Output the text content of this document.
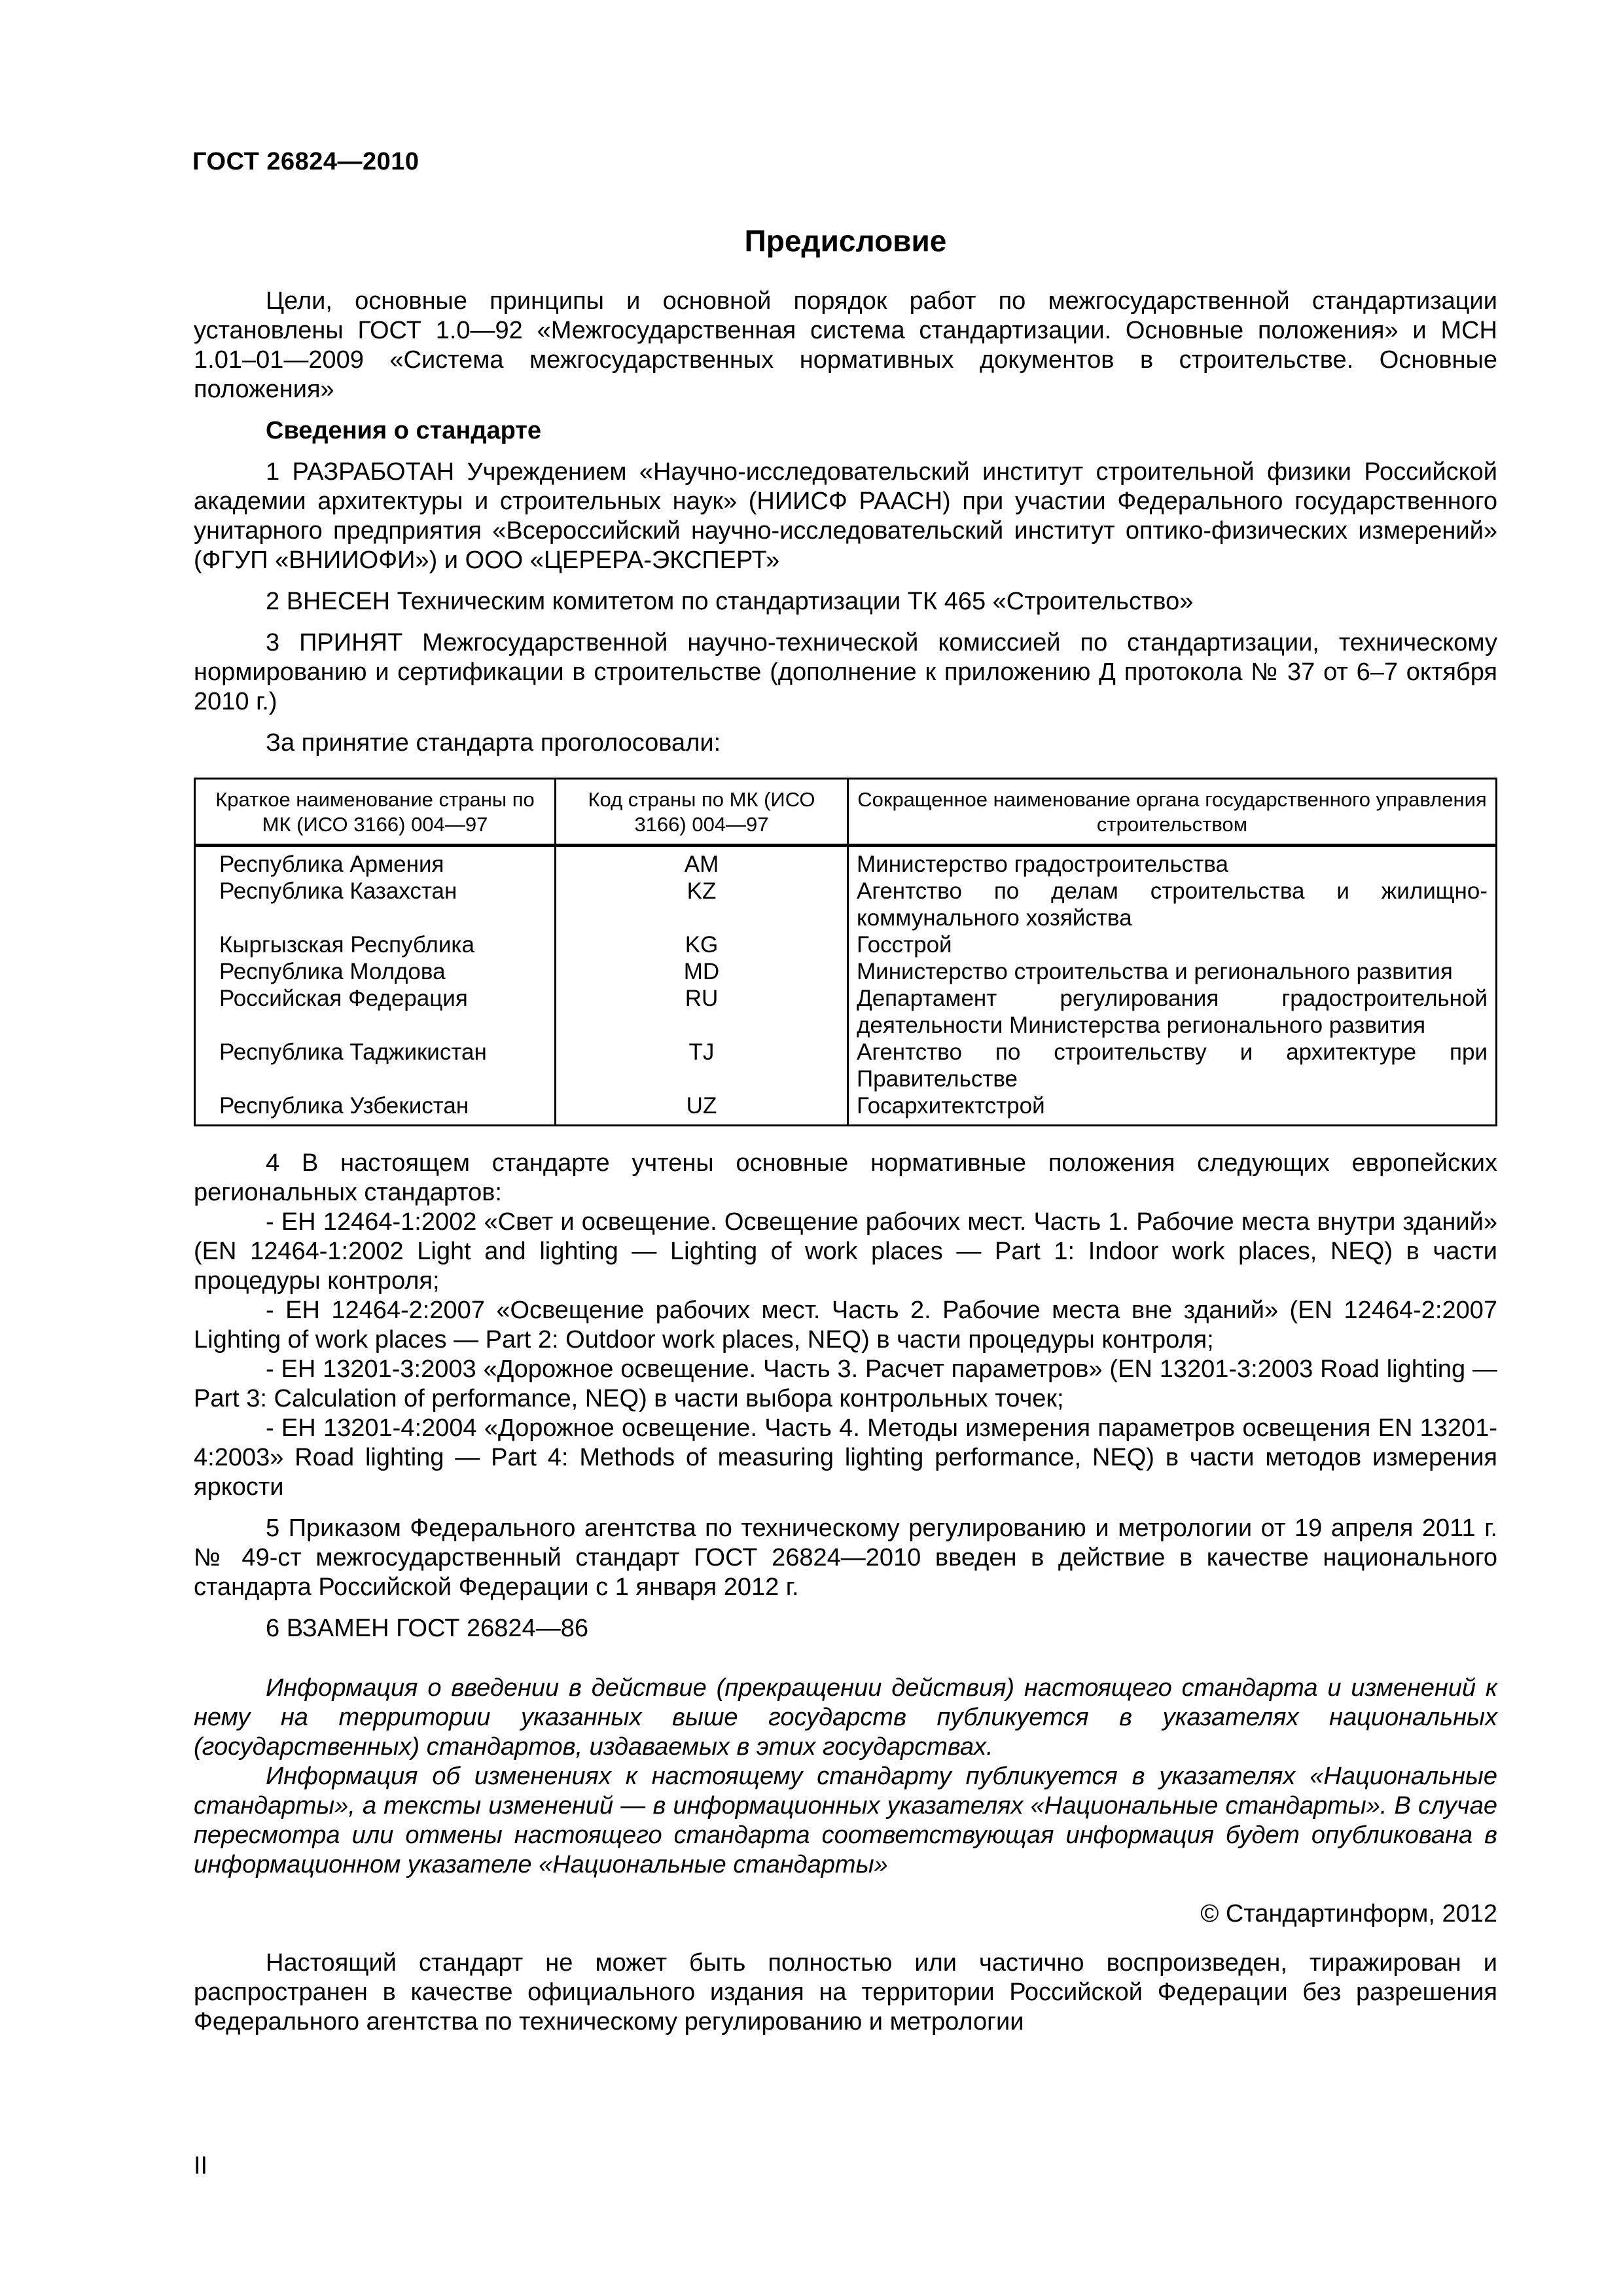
ГОСТ 26824—2010
Предисловие

Цели, основные принципы и основной порядок работ по межгосударственной стандартизации установлены ГОСТ 1.0—92 «Межгосударственная система стандартизации. Основные положения» и МСН 1.01–01—2009 «Система межгосударственных нормативных документов в строительстве. Основные положения»

Сведения о стандарте

1 РАЗРАБОТАН Учреждением «Научно-исследовательский институт строительной физики Российской академии архитектуры и строительных наук» (НИИСФ РААСН) при участии Федерального государственного унитарного предприятия «Всероссийский научно-исследовательский институт оптико-физических измерений» (ФГУП «ВНИИОФИ») и ООО «ЦЕРЕРА-ЭКСПЕРТ»

2 ВНЕСЕН Техническим комитетом по стандартизации ТК 465 «Строительство»

3 ПРИНЯТ Межгосударственной научно-технической комиссией по стандартизации, техническому нормированию и сертификации в строительстве (дополнение к приложению Д протокола № 37 от 6–7 октября 2010 г.)

За принятие стандарта проголосовали:

Краткое наименование страны по МК (ИСО 3166) 004—97	Код страны по МК (ИСО 3166) 004—97	Сокращенное наименование органа государственного управления строительством
Республика Армения	AM	Министерство градостроительства
Республика Казахстан	KZ	Агентство по делам строительства и жилищно-коммунального хозяйства
Кыргызская Республика	KG	Госстрой
Республика Молдова	MD	Министерство строительства и регионального развития
Российская Федерация	RU	Департамент регулирования градостроительной деятельности Министерства регионального развития
Республика Таджикистан	TJ	Агентство по строительству и архитектуре при Правительстве
Республика Узбекистан	UZ	Госархитектстрой

4 В настоящем стандарте учтены основные нормативные положения следующих европейских региональных стандартов:

- ЕН 12464-1:2002 «Свет и освещение. Освещение рабочих мест. Часть 1. Рабочие места внутри зданий» (EN 12464-1:2002 Light and lighting — Lighting of work places — Part 1: Indoor work places, NEQ) в части процедуры контроля;

- ЕН 12464-2:2007 «Освещение рабочих мест. Часть 2. Рабочие места вне зданий» (EN 12464-2:2007 Lighting of work places — Part 2: Outdoor work places, NEQ) в части процедуры контроля;

- ЕН 13201-3:2003 «Дорожное освещение. Часть 3. Расчет параметров» (EN 13201-3:2003 Road lighting — Part 3: Calculation of performance, NEQ) в части выбора контрольных точек;

- ЕН 13201-4:2004 «Дорожное освещение. Часть 4. Методы измерения параметров освещения EN 13201-4:2003» Road lighting — Part 4: Methods of measuring lighting performance, NEQ) в части методов измерения яркости

5 Приказом Федерального агентства по техническому регулированию и метрологии от 19 апреля 2011 г. № 49-ст межгосударственный стандарт ГОСТ 26824—2010 введен в действие в качестве национального стандарта Российской Федерации с 1 января 2012 г.

6 ВЗАМЕН ГОСТ 26824—86

Информация о введении в действие (прекращении действия) настоящего стандарта и изменений к нему на территории указанных выше государств публикуется в указателях национальных (государственных) стандартов, издаваемых в этих государствах.

Информация об изменениях к настоящему стандарту публикуется в указателях «Национальные стандарты», а тексты изменений — в информационных указателях «Национальные стандарты». В случае пересмотра или отмены настоящего стандарта соответствующая информация будет опубликована в информационном указателе «Национальные стандарты»

© Стандартинформ, 2012

Настоящий стандарт не может быть полностью или частично воспроизведен, тиражирован и распространен в качестве официального издания на территории Российской Федерации без разрешения Федерального агентства по техническому регулированию и метрологии

II
